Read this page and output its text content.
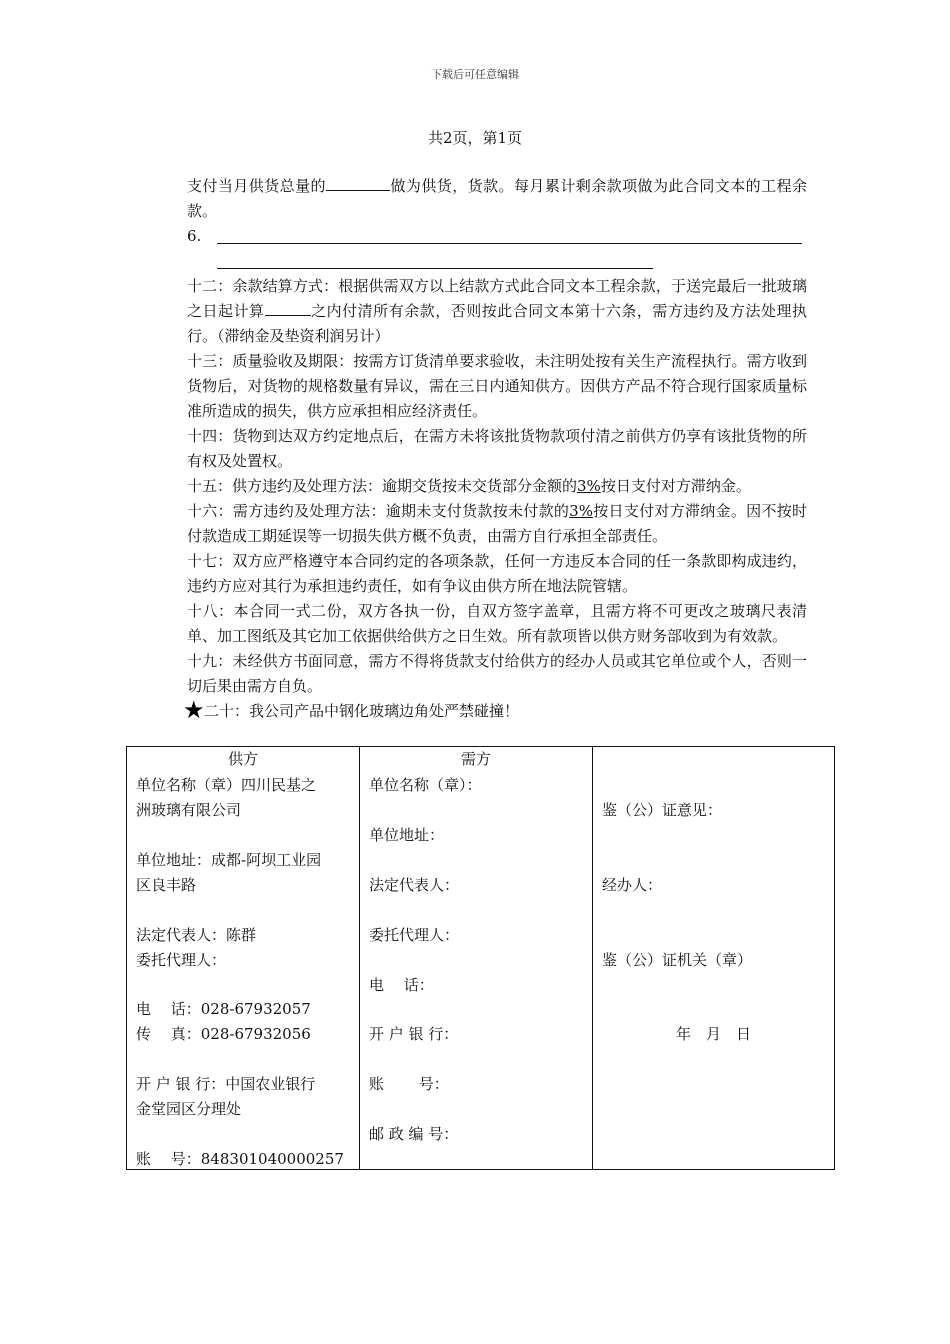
下载后可任意编辑
共2页，第1页

支付当月供货总量的	做为供货，货款。每月累计剩余款项做为此合同文本的工程余款。

6.

十二：余款结算方式：根据供需双方以上结款方式此合同文本工程余款，于送完最后一批玻璃之日起计算	之内付清所有余款，否则按此合同文本第十六条，需方违约及方法处理执行。（滞纳金及垫资利润另计）

十三：质量验收及期限：按需方订货清单要求验收，未注明处按有关生产流程执行。需方收到货物后，对货物的规格数量有异议，需在三日内通知供方。因供方产品不符合现行国家质量标准所造成的损失，供方应承担相应经济责任。

十四：货物到达双方约定地点后，在需方未将该批货物款项付清之前供方仍享有该批货物的所有权及处置权。

十五：供方违约及处理方法：逾期交货按未交货部分金额的3%按日支付对方滞纳金。

十六：需方违约及处理方法：逾期未支付货款按未付款的3%按日支付对方滞纳金。因不按时付款造成工期延误等一切损失供方概不负责，由需方自行承担全部责任。

十七：双方应严格遵守本合同约定的各项条款，任何一方违反本合同的任一条款即构成违约，违约方应对其行为承担违约责任，如有争议由供方所在地法院管辖。

十八：本合同一式二份，双方各执一份，自双方签字盖章，且需方将不可更改之玻璃尺表清单、加工图纸及其它加工依据供给供方之日生效。所有款项皆以供方财务部收到为有效款。

十九：未经供方书面同意，需方不得将货款支付给供方的经办人员或其它单位或个人，否则一切后果由需方自负。

★ 二十：我公司产品中钢化玻璃边角处严禁碰撞！

供方
单位名称（章）四川民基之
洲玻璃有限公司
单位地址：成都-阿坝工业园
区良丰路
法定代表人：陈群
委托代理人：
电　 话：028-67932057
传　 真：028-67932056
开 户 银 行：中国农业银行
金堂园区分理处
账　 号：848301040000257
需方
单位名称（章）：
单位地址：
法定代表人：
委托代理人：
电　 话：
开 户 银 行：
账　　 号：
邮 政 编 号：
鉴（公）证意见：
经办人：
鉴（公）证机关（章）
年　月　日
